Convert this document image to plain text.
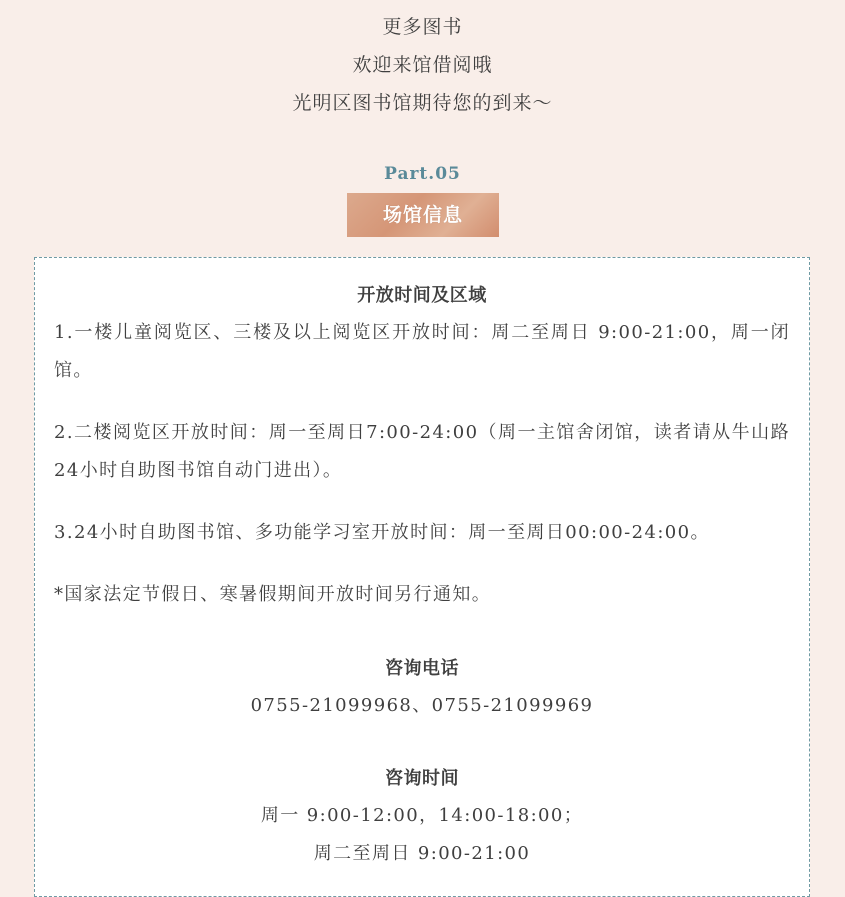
更多图书
欢迎来馆借阅哦
光明区图书馆期待您的到来～
Part.05
场馆信息
开放时间及区域

1.一楼儿童阅览区、三楼及以上阅览区开放时间：周二至周日 9:00-21:00，周一闭馆。

2.二楼阅览区开放时间：周一至周日7:00-24:00（周一主馆舍闭馆，读者请从牛山路24小时自助图书馆自动门进出）。

3.24小时自助图书馆、多功能学习室开放时间：周一至周日00:00-24:00。

*国家法定节假日、寒暑假期间开放时间另行通知。

咨询电话

0755-21099968、0755-21099969

咨询时间

周一 9:00-12:00，14:00-18:00；

周二至周日 9:00-21:00
